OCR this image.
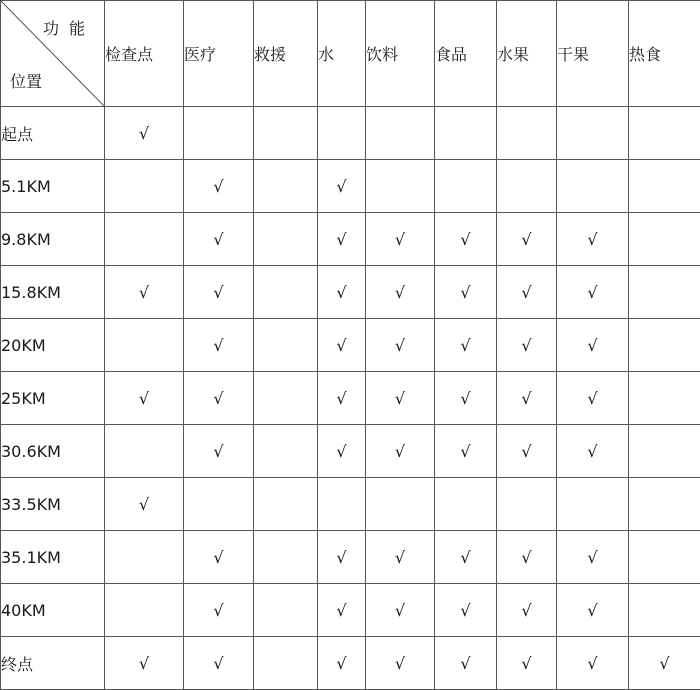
功能
位置	检查点	医疗	救援	水	饮料	食品	水果	干果	热食
起点	√								
5.1KM		√		√					
9.8KM		√		√	√	√	√	√	
15.8KM	√	√		√	√	√	√	√	
20KM		√		√	√	√	√	√	
25KM	√	√		√	√	√	√	√	
30.6KM		√		√	√	√	√	√	
33.5KM	√								
35.1KM		√		√	√	√	√	√	
40KM		√		√	√	√	√	√	
终点	√	√		√	√	√	√	√	√
